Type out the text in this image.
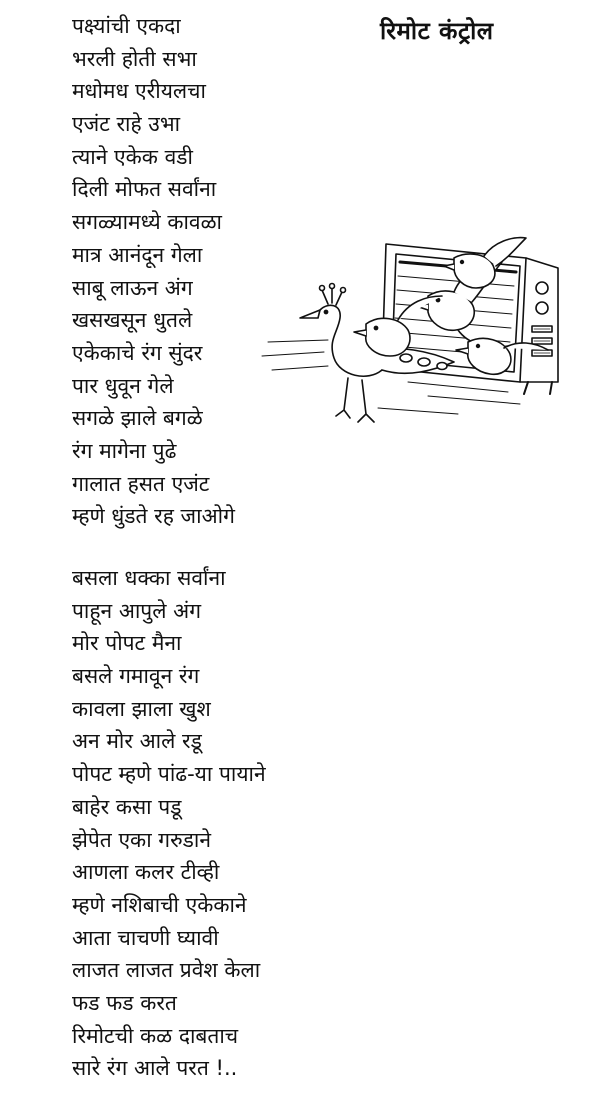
रिमोट कंट्रोल
पक्ष्यांची एकदा
भरली होती सभा
मधोमध एरीयलचा
एजंट राहे उभा
त्याने एकेक वडी
दिली मोफत सर्वांना
सगळ्यामध्ये कावळा
मात्र आनंदून गेला
साबू लाऊन अंग
खसखसून धुतले
एकेकाचे रंग सुंदर
पार धुवून गेले
सगळे झाले बगळे
रंग मागेना पुढे
गालात हसत एजंट
म्हणे धुंडते रह जाओगे
बसला धक्का सर्वांना
पाहून आपुले अंग
मोर पोपट मैना
बसले गमावून रंग
कावला झाला खुश
अन मोर आले रडू
पोपट म्हणे पांढ-या पायाने
बाहेर कसा पडू
झेपेत एका गरुडाने
आणला कलर टीव्ही
म्हणे नशिबाची एकेकाने
आता चाचणी घ्यावी
लाजत लाजत प्रवेश केला
फड फड करत
रिमोटची कळ दाबताच
सारे रंग आले परत !..
